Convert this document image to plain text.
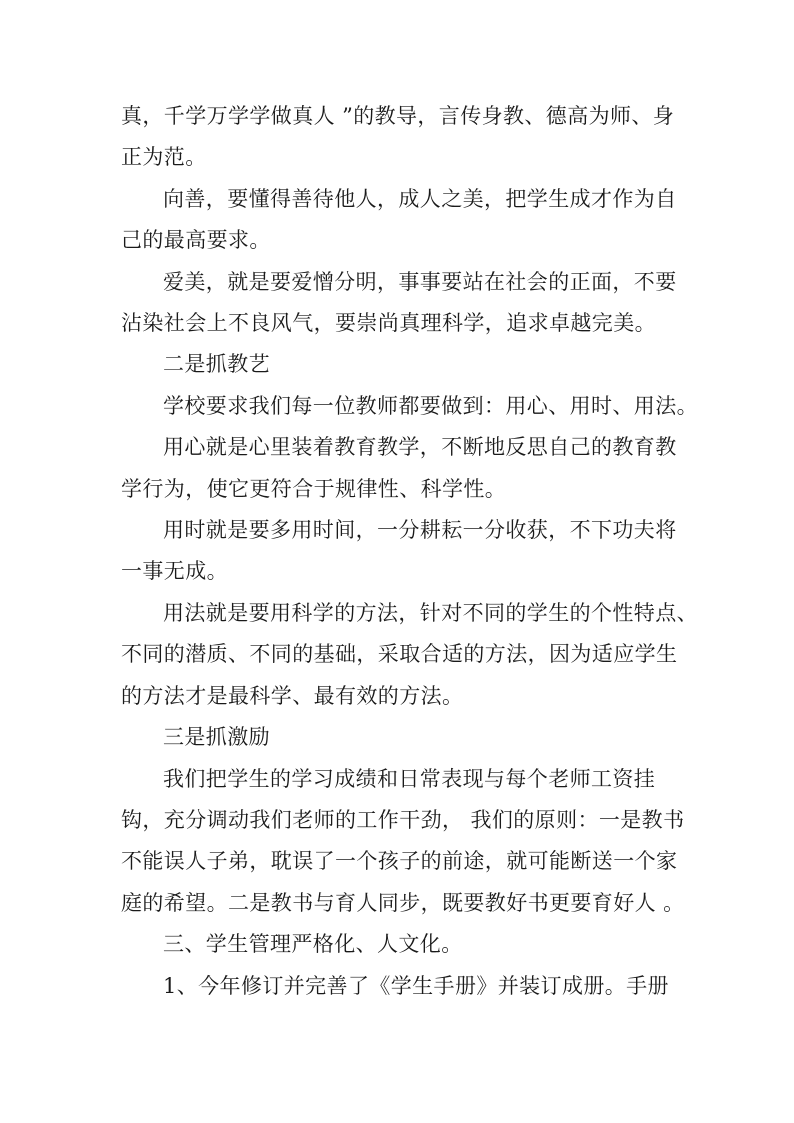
真，千学万学学做真人 ”的教导，言传身教、德高为师、身

正为范。

向善，要懂得善待他人，成人之美，把学生成才作为自

己的最高要求。

爱美，就是要爱憎分明，事事要站在社会的正面，不要

沾染社会上不良风气，要崇尚真理科学，追求卓越完美。

二是抓教艺

学校要求我们每一位教师都要做到：用心、用时、用法。

用心就是心里装着教育教学，不断地反思自己的教育教

学行为，使它更符合于规律性、科学性。

用时就是要多用时间，一分耕耘一分收获，不下功夫将

一事无成。

用法就是要用科学的方法，针对不同的学生的个性特点、

不同的潜质、不同的基础，采取合适的方法，因为适应学生

的方法才是最科学、最有效的方法。

三是抓激励

我们把学生的学习成绩和日常表现与每个老师工资挂

钩，充分调动我们老师的工作干劲， 我们的原则：一是教书

不能误人子弟，耽误了一个孩子的前途，就可能断送一个家

庭的希望。二是教书与育人同步，既要教好书更要育好人 。

三、学生管理严格化、人文化。

1、今年修订并完善了《学生手册》并装订成册。手册
